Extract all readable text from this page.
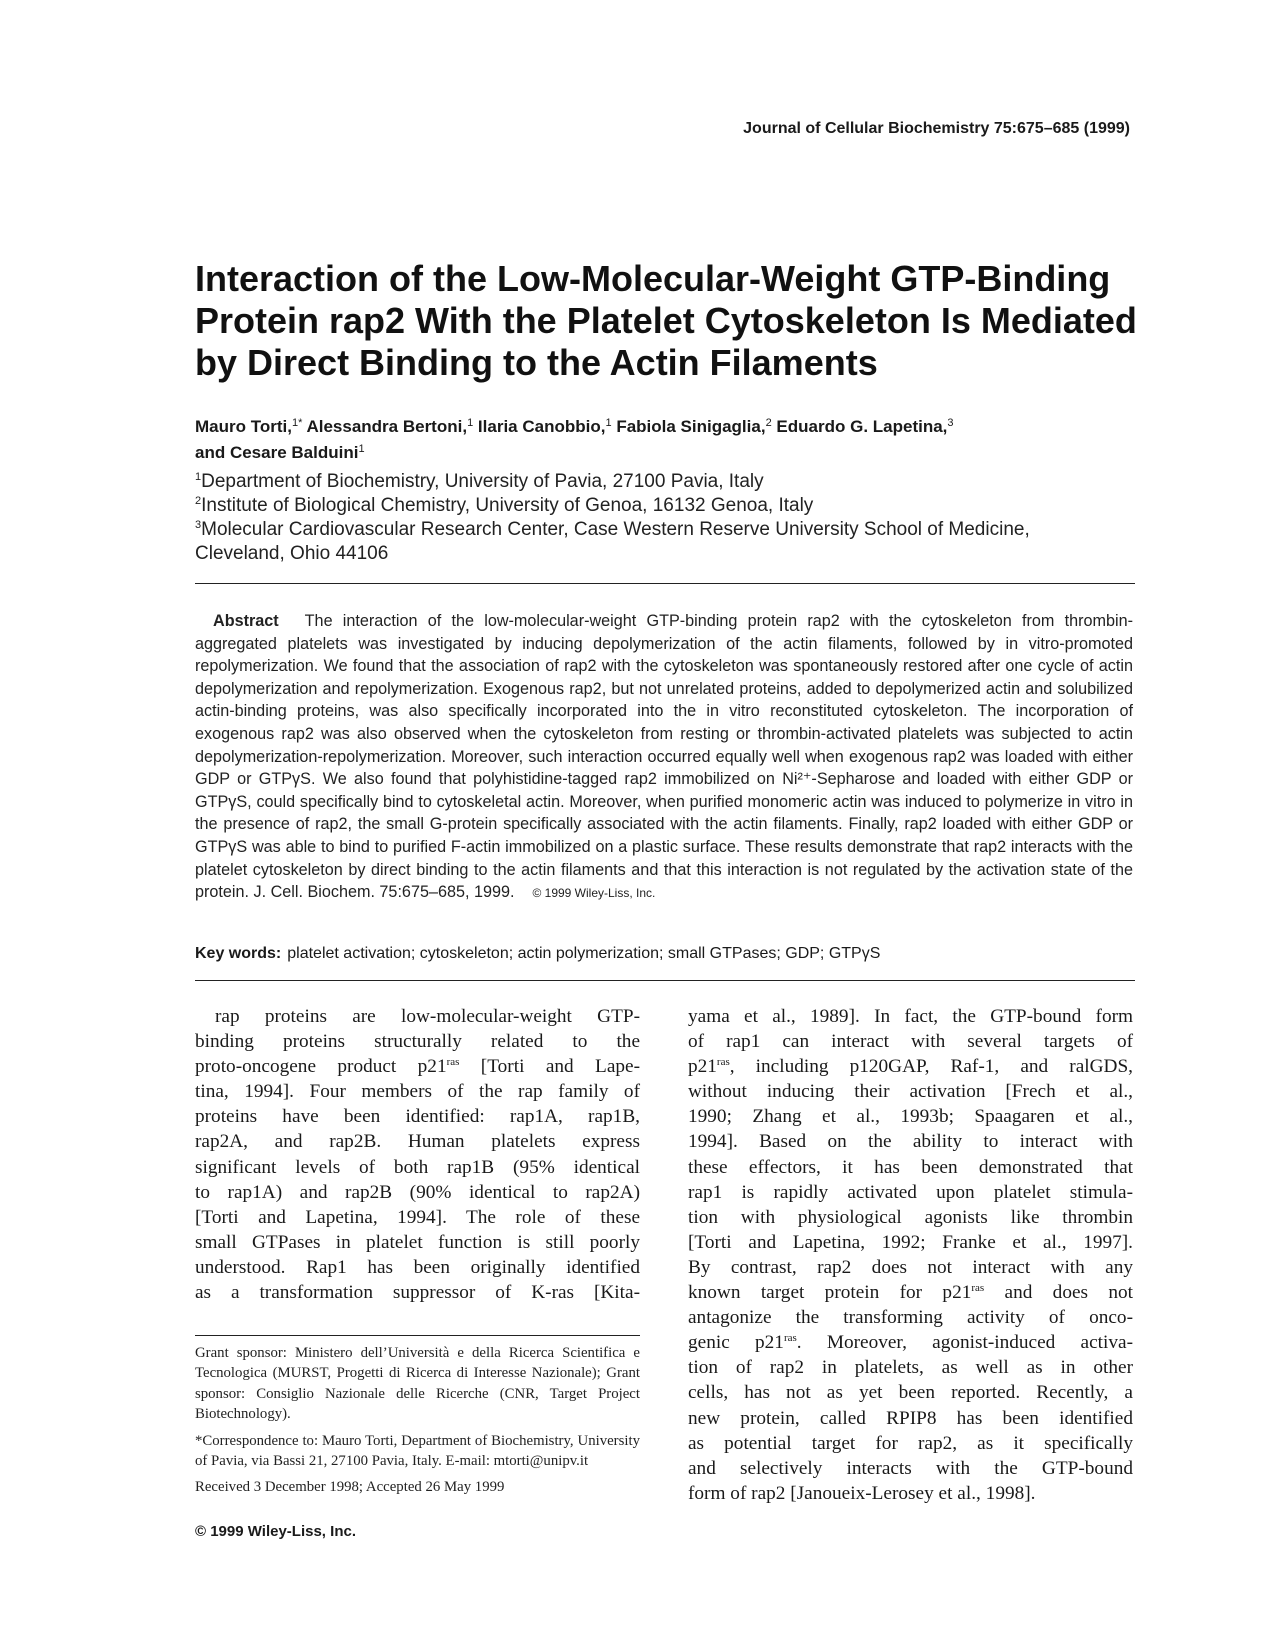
Journal of Cellular Biochemistry 75:675–685 (1999)
Interaction of the Low-Molecular-Weight GTP-Binding
Protein rap2 With the Platelet Cytoskeleton Is Mediated
by Direct Binding to the Actin Filaments
Mauro Torti,$^{1*}$ Alessandra Bertoni,$^1$ Ilaria Canobbio,$^1$ Fabiola Sinigaglia,$^2$ Eduardo G. Lapetina,$^3$
and Cesare Balduini$^1$
$^1$Department of Biochemistry, University of Pavia, 27100 Pavia, Italy
$^2$Institute of Biological Chemistry, University of Genoa, 16132 Genoa, Italy
$^3$Molecular Cardiovascular Research Center, Case Western Reserve University School of Medicine,
Cleveland, Ohio 44106
Abstract The interaction of the low-molecular-weight GTP-binding protein rap2 with the cytoskeleton from thrombin-aggregated platelets was investigated by inducing depolymerization of the actin filaments, followed by in vitro-promoted repolymerization. We found that the association of rap2 with the cytoskeleton was spontaneously restored after one cycle of actin depolymerization and repolymerization. Exogenous rap2, but not unrelated proteins, added to depolymerized actin and solubilized actin-binding proteins, was also specifically incorporated into the in vitro reconstituted cytoskeleton. The incorporation of exogenous rap2 was also observed when the cytoskeleton from resting or thrombin-activated platelets was subjected to actin depolymerization-repolymerization. Moreover, such interaction occurred equally well when exogenous rap2 was loaded with either GDP or GTPγS. We also found that polyhistidine-tagged rap2 immobilized on Ni²⁺-Sepharose and loaded with either GDP or GTPγS, could specifically bind to cytoskeletal actin. Moreover, when purified monomeric actin was induced to polymerize in vitro in the presence of rap2, the small G-protein specifically associated with the actin filaments. Finally, rap2 loaded with either GDP or GTPγS was able to bind to purified F-actin immobilized on a plastic surface. These results demonstrate that rap2 interacts with the platelet cytoskeleton by direct binding to the actin filaments and that this interaction is not regulated by the activation state of the protein. J. Cell. Biochem. 75:675–685, 1999. © 1999 Wiley-Liss, Inc.
Key words: platelet activation; cytoskeleton; actin polymerization; small GTPases; GDP; GTPγS
rap proteins are low-molecular-weight GTP-
binding proteins structurally related to the
proto-oncogene product $p21^{ras}$ [Torti and Lape-
tina, 1994]. Four members of the rap family of
proteins have been identified: rap1A, rap1B,
rap2A, and rap2B. Human platelets express
significant levels of both rap1B (95% identical
to rap1A) and rap2B (90% identical to rap2A)
[Torti and Lapetina, 1994]. The role of these
small GTPases in platelet function is still poorly
understood. Rap1 has been originally identified
as a transformation suppressor of K-ras [Kita-
yama et al., 1989]. In fact, the GTP-bound form
of rap1 can interact with several targets of
$p21^{ras}$, including p120GAP, Raf-1, and ralGDS,
without inducing their activation [Frech et al.,
1990; Zhang et al., 1993b; Spaagaren et al.,
1994]. Based on the ability to interact with
these effectors, it has been demonstrated that
rap1 is rapidly activated upon platelet stimula-
tion with physiological agonists like thrombin
[Torti and Lapetina, 1992; Franke et al., 1997].
By contrast, rap2 does not interact with any
known target protein for $p21^{ras}$ and does not
antagonize the transforming activity of onco-
genic $p21^{ras}$. Moreover, agonist-induced activa-
tion of rap2 in platelets, as well as in other
cells, has not as yet been reported. Recently, a
new protein, called RPIP8 has been identified
as potential target for rap2, as it specifically
and selectively interacts with the GTP-bound
form of rap2 [Janoueix-Lerosey et al., 1998].

Grant sponsor: Ministero dell’Università e della Ricerca Scientifica e Tecnologica (MURST, Progetti di Ricerca di Interesse Nazionale); Grant sponsor: Consiglio Nazionale delle Ricerche (CNR, Target Project Biotechnology).

*Correspondence to: Mauro Torti, Department of Biochemistry, University of Pavia, via Bassi 21, 27100 Pavia, Italy. E-mail: mtorti@unipv.it

Received 3 December 1998; Accepted 26 May 1999

© 1999 Wiley-Liss, Inc.
